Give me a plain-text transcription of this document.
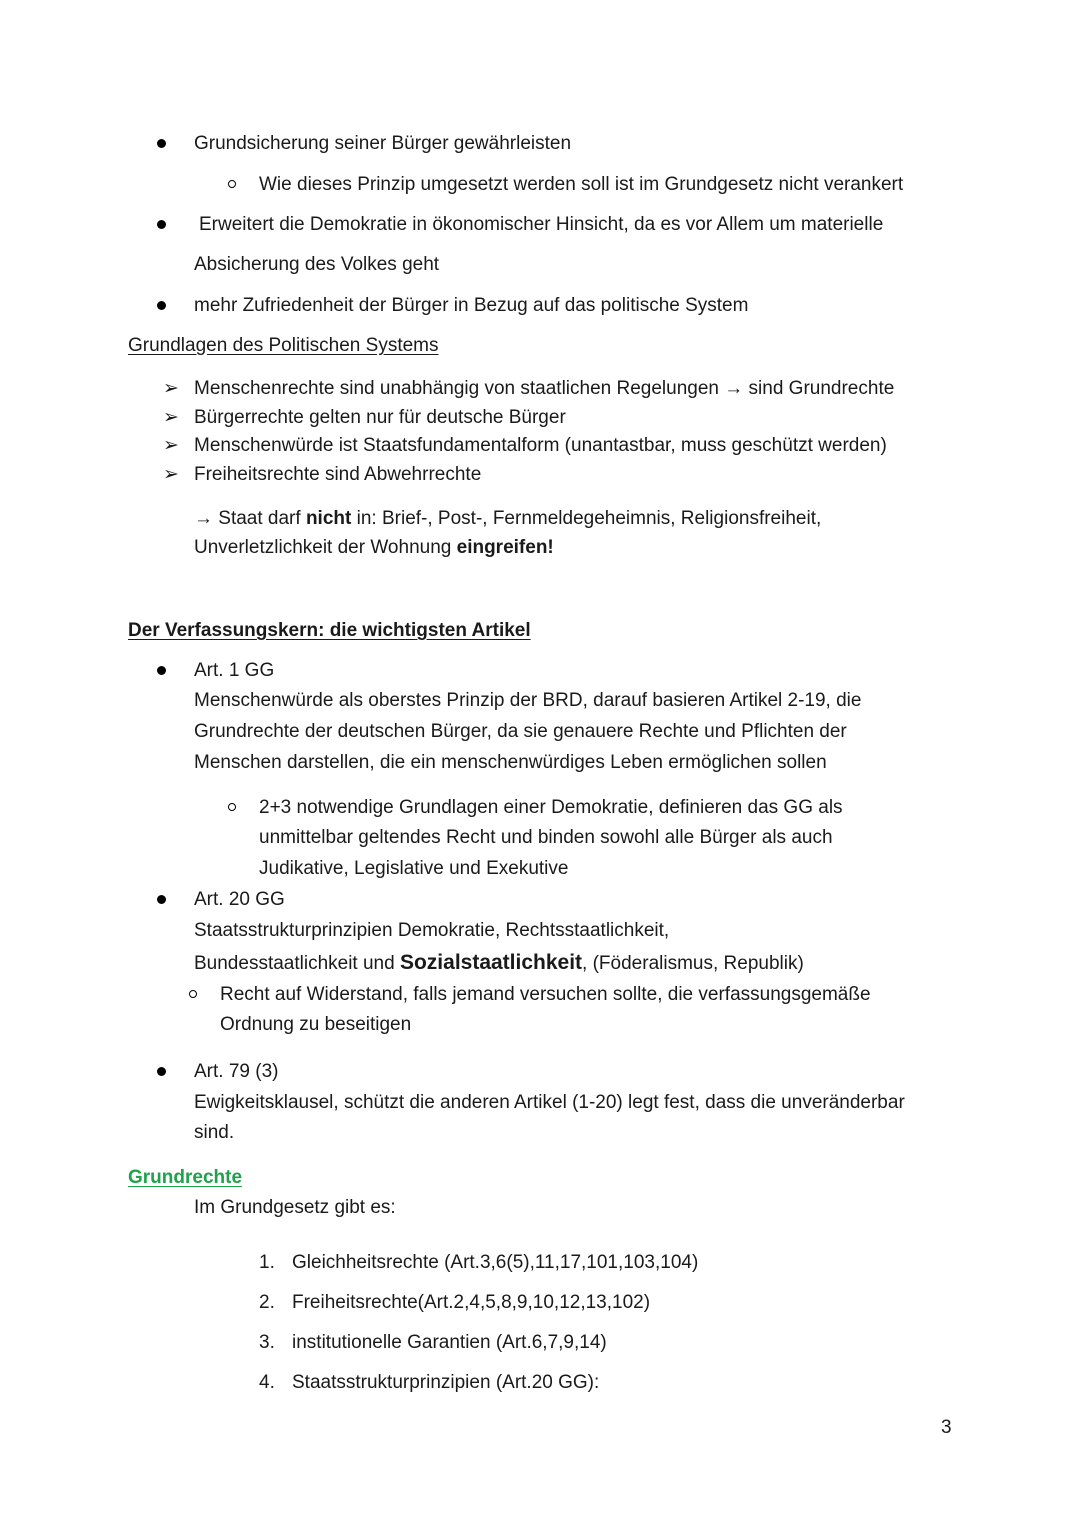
Grundsicherung seiner Bürger gewährleisten
Wie dieses Prinzip umgesetzt werden soll ist im Grundgesetz nicht verankert
Erweitert die Demokratie in ökonomischer Hinsicht, da es vor Allem um materielle
Absicherung des Volkes geht
mehr Zufriedenheit der Bürger in Bezug auf das politische System
Grundlagen des Politischen Systems
➢ Menschenrechte sind unabhängig von staatlichen Regelungen → sind Grundrechte
➢ Bürgerrechte gelten nur für deutsche Bürger
➢ Menschenwürde ist Staatsfundamentalform (unantastbar, muss geschützt werden)
➢ Freiheitsrechte sind Abwehrrechte
→ Staat darf nicht in: Brief-, Post-, Fernmeldegeheimnis, Religionsfreiheit,
Unverletzlichkeit der Wohnung eingreifen!
Der Verfassungskern: die wichtigsten Artikel
Art. 1 GG
Menschenwürde als oberstes Prinzip der BRD, darauf basieren Artikel 2-19, die
Grundrechte der deutschen Bürger, da sie genauere Rechte und Pflichten der
Menschen darstellen, die ein menschenwürdiges Leben ermöglichen sollen
2+3 notwendige Grundlagen einer Demokratie, definieren das GG als
unmittelbar geltendes Recht und binden sowohl alle Bürger als auch
Judikative, Legislative und Exekutive
Art. 20 GG
Staatsstrukturprinzipien Demokratie, Rechtsstaatlichkeit,
Bundesstaatlichkeit und Sozialstaatlichkeit, (Föderalismus, Republik)
Recht auf Widerstand, falls jemand versuchen sollte, die verfassungsgemäße
Ordnung zu beseitigen
Art. 79 (3)
Ewigkeitsklausel, schützt die anderen Artikel (1-20) legt fest, dass die unveränderbar
sind.
Grundrechte
Im Grundgesetz gibt es:
1. Gleichheitsrechte (Art.3,6(5),11,17,101,103,104)
2. Freiheitsrechte(Art.2,4,5,8,9,10,12,13,102)
3. institutionelle Garantien (Art.6,7,9,14)
4. Staatsstrukturprinzipien (Art.20 GG):
3
